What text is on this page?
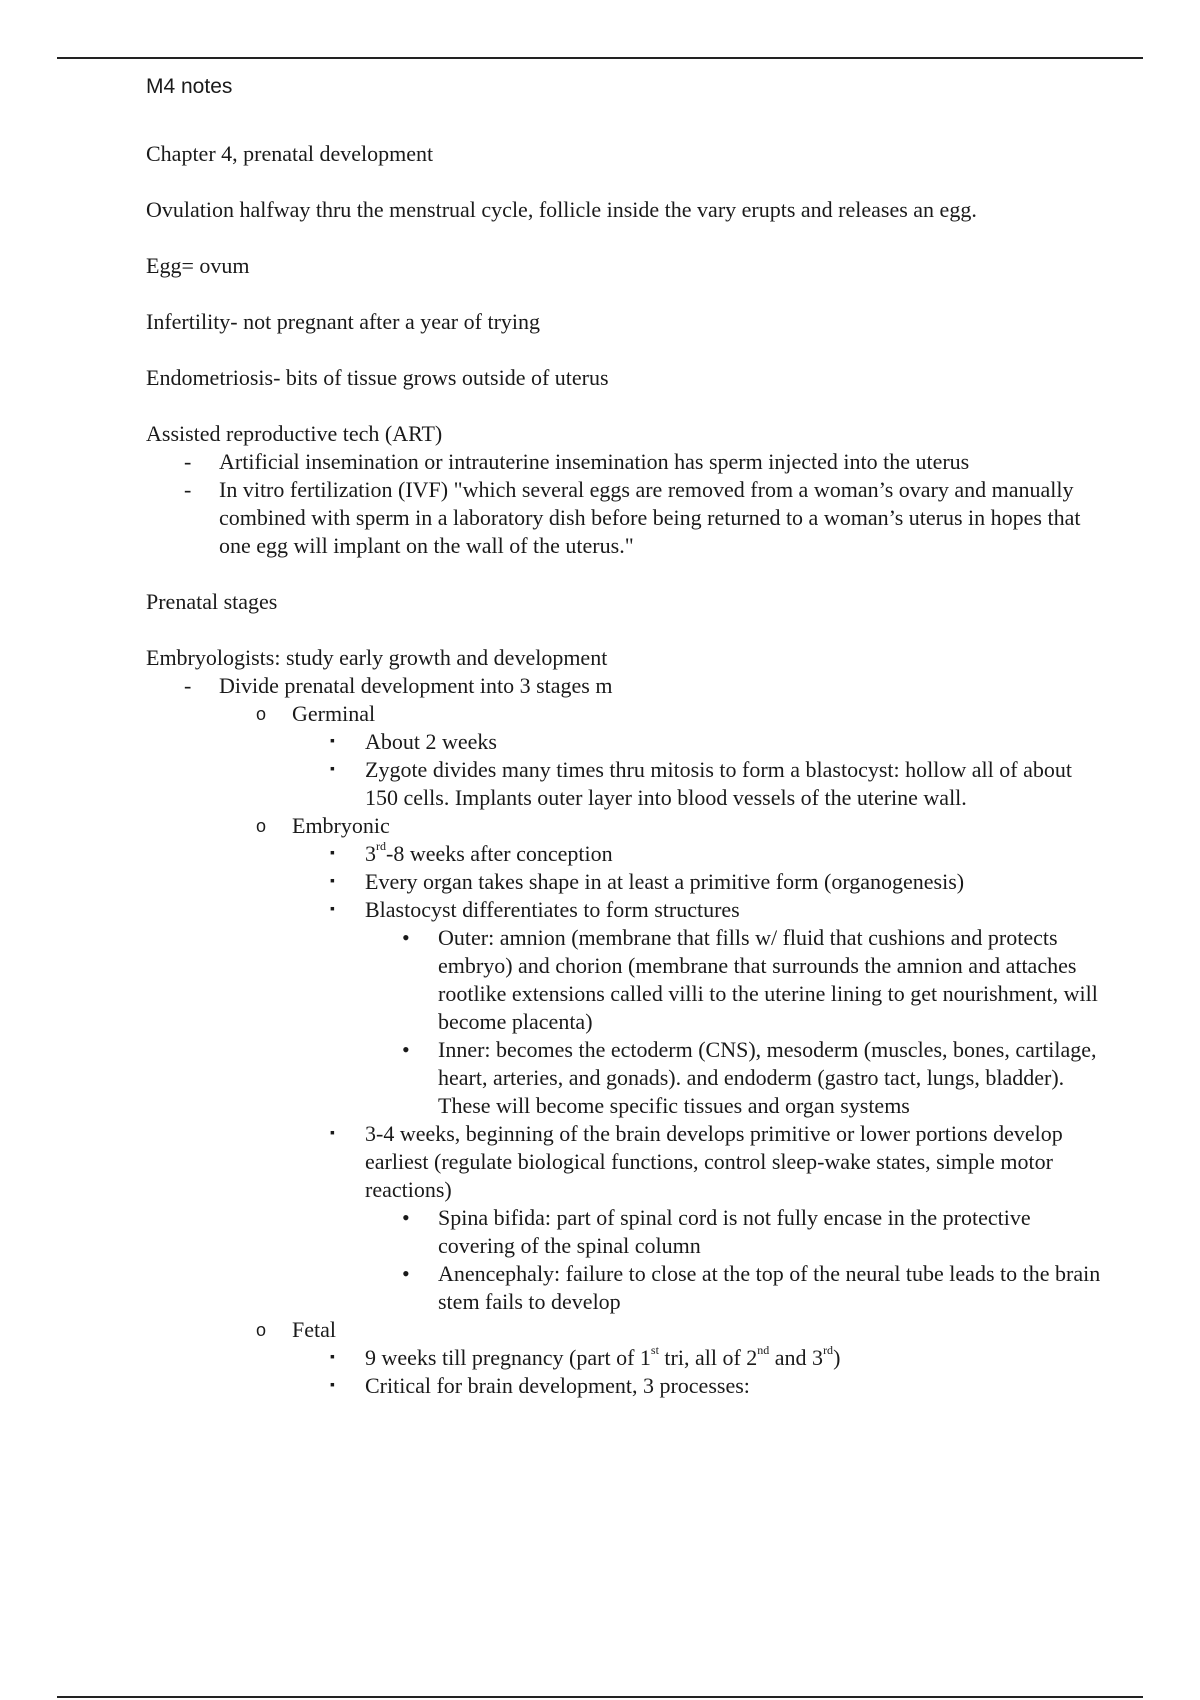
M4 notes

Chapter 4, prenatal development

Ovulation halfway thru the menstrual cycle, follicle inside the vary erupts and releases an egg.

Egg= ovum

Infertility- not pregnant after a year of trying

Endometriosis- bits of tissue grows outside of uterus

Assisted reproductive tech (ART)

- Artificial insemination or intrauterine insemination has sperm injected into the uterus
- In vitro fertilization (IVF) "which several eggs are removed from a woman’s ovary and manually combined with sperm in a laboratory dish before being returned to a woman’s uterus in hopes that one egg will implant on the wall of the uterus."

Prenatal stages

Embryologists: study early growth and development

- Divide prenatal development into 3 stages m
o Germinal
▪ About 2 weeks
▪ Zygote divides many times thru mitosis to form a blastocyst: hollow all of about 150 cells. Implants outer layer into blood vessels of the uterine wall.
o Embryonic
▪ 3rd-8 weeks after conception
▪ Every organ takes shape in at least a primitive form (organogenesis)
▪ Blastocyst differentiates to form structures
• Outer: amnion (membrane that fills w/ fluid that cushions and protects embryo) and chorion (membrane that surrounds the amnion and attaches rootlike extensions called villi to the uterine lining to get nourishment, will become placenta)
• Inner: becomes the ectoderm (CNS), mesoderm (muscles, bones, cartilage, heart, arteries, and gonads). and endoderm (gastro tact, lungs, bladder). These will become specific tissues and organ systems
▪ 3-4 weeks, beginning of the brain develops primitive or lower portions develop earliest (regulate biological functions, control sleep-wake states, simple motor reactions)
• Spina bifida: part of spinal cord is not fully encase in the protective covering of the spinal column
• Anencephaly: failure to close at the top of the neural tube leads to the brain stem fails to develop
o Fetal
▪ 9 weeks till pregnancy (part of 1st tri, all of 2nd and 3rd)
▪ Critical for brain development, 3 processes:
